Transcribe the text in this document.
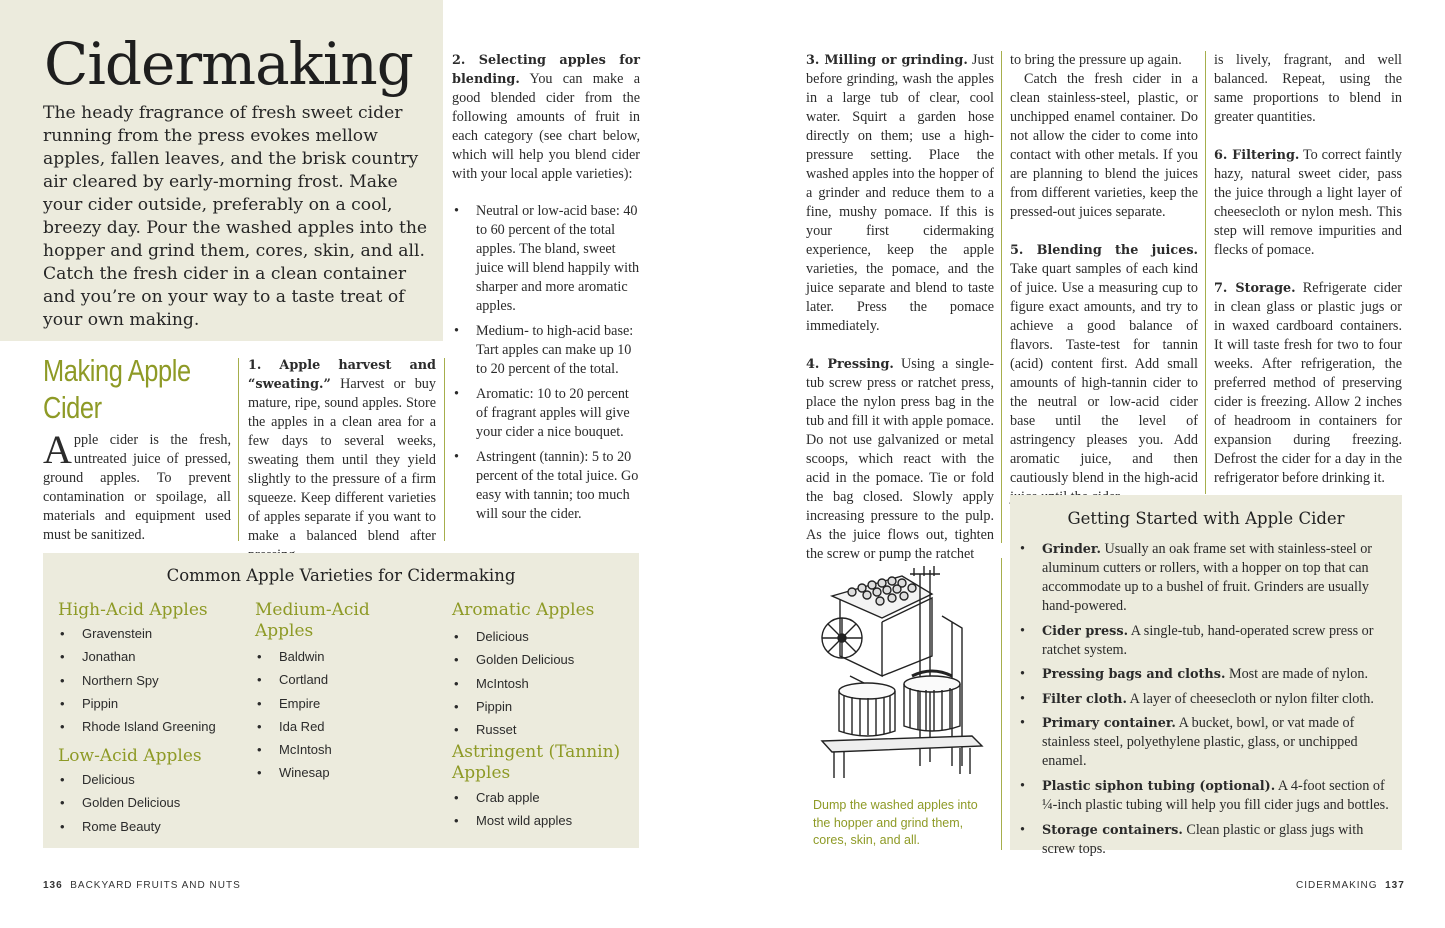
Cidermaking
The heady fragrance of fresh sweet cider running from the press evokes mellow apples, fallen leaves, and the brisk country air cleared by early-morning frost. Make your cider outside, preferably on a cool, breezy day. Pour the washed apples into the hopper and grind them, cores, skin, and all. Catch the fresh cider in a clean container and you’re on your way to a taste treat of your own making.
Making Apple Cider
Apple cider is the fresh, untreated juice of pressed, ground apples. To prevent contamination or spoilage, all materials and equipment used must be sanitized.
1. Apple harvest and “sweating.” Harvest or buy mature, ripe, sound apples. Store the apples in a clean area for a few days to several weeks, sweating them until they yield slightly to the pressure of a firm squeeze. Keep different varieties of apples separate if you want to make a balanced blend after
2. Selecting apples for blending. You can make a good blended cider from the following amounts of fruit in each category (see chart below, which will help you blend cider with your local apple varieties):
• Neutral or low-acid base: 40 to 60 percent of the total apples. The bland, sweet juice will blend happily with sharper and more aromatic apples.
• Medium- to high-acid base: Tart apples can make up 10 to 20 percent of the total.
• Aromatic: 10 to 20 percent of fragrant apples will give your cider a nice bouquet.
• Astringent (tannin): 5 to 20 percent of the total juice. Go easy with tannin; too much will sour the cider.
Common Apple Varieties for Cidermaking
High-Acid Apples
• Gravenstein
• Jonathan
• Northern Spy
• Pippin
• Rhode Island Greening
Low-Acid Apples
• Delicious
• Golden Delicious
• Rome Beauty
Medium-Acid Apples
• Baldwin
• Cortland
• Empire
• Ida Red
• McIntosh
• Winesap
Aromatic Apples
• Delicious
• Golden Delicious
• McIntosh
• Pippin
• Russet
Astringent (Tannin) Apples
• Crab apple
• Most wild apples
136 BACKYARD FRUITS AND NUTS
3. Milling or grinding. Just before grinding, wash the apples in a large tub of clear, cool water. Squirt a garden hose directly on them; use a high-pressure setting. Place the washed apples into the hopper of a grinder and reduce them to a fine, mushy pomace. If this is your first cidermaking experience, keep the apple varieties, the pomace, and the juice separate and blend to taste later. Press the pomace immediately.
4. Pressing. Using a single-tub screw press or ratchet press, place the nylon press bag in the tub and fill it with apple pomace. Do not use galvanized or metal scoops, which react with the acid in the pomace. Tie or fold the bag closed. Slowly apply increasing pressure to the pulp. As the juice flows out, tighten the screw or pump the ratchet
to bring the pressure up again.
Catch the fresh cider in a clean stainless-steel, plastic, or unchipped enamel container. Do not allow the cider to come into contact with other metals. If you are planning to blend the juices from different varieties, keep the pressed-out juices separate.
5. Blending the juices. Take quart samples of each kind of juice. Use a measuring cup to figure exact amounts, and try to achieve a good balance of flavors. Taste-test for tannin (acid) content first. Add small amounts of high-tannin cider to the neutral or low-acid cider base until the level of astringency pleases you. Add aromatic juice, and then cautiously blend in the high-acid
is lively, fragrant, and well balanced. Repeat, using the same proportions to blend in greater quantities.
6. Filtering. To correct faintly hazy, natural sweet cider, pass the juice through a light layer of cheesecloth or nylon mesh. This step will remove impurities and flecks of pomace.
7. Storage. Refrigerate cider in clean glass or plastic jugs or in waxed cardboard containers. It will taste fresh for two to four weeks. After refrigeration, the preferred method of preserving cider is freezing. Allow 2 inches of headroom in containers for expansion during freezing. Defrost the cider for a day in the refrigerator before drinking it.
Dump the washed apples into the hopper and grind them, cores, skin, and all.
Getting Started with Apple Cider
• Grinder. Usually an oak frame set with stainless-steel or aluminum cutters or rollers, with a hopper on top that can accommodate up to a bushel of fruit. Grinders are usually hand-powered.
• Cider press. A single-tub, hand-operated screw press or ratchet system.
• Pressing bags and cloths. Most are made of nylon.
• Filter cloth. A layer of cheesecloth or nylon filter cloth.
• Primary container. A bucket, bowl, or vat made of stainless steel, polyethylene plastic, glass, or unchipped enamel.
• Plastic siphon tubing (optional). A 4-foot section of ¼-inch plastic tubing will help you fill cider jugs and bottles.
• Storage containers. Clean plastic or glass jugs with screw tops.
CIDERMAKING 137
